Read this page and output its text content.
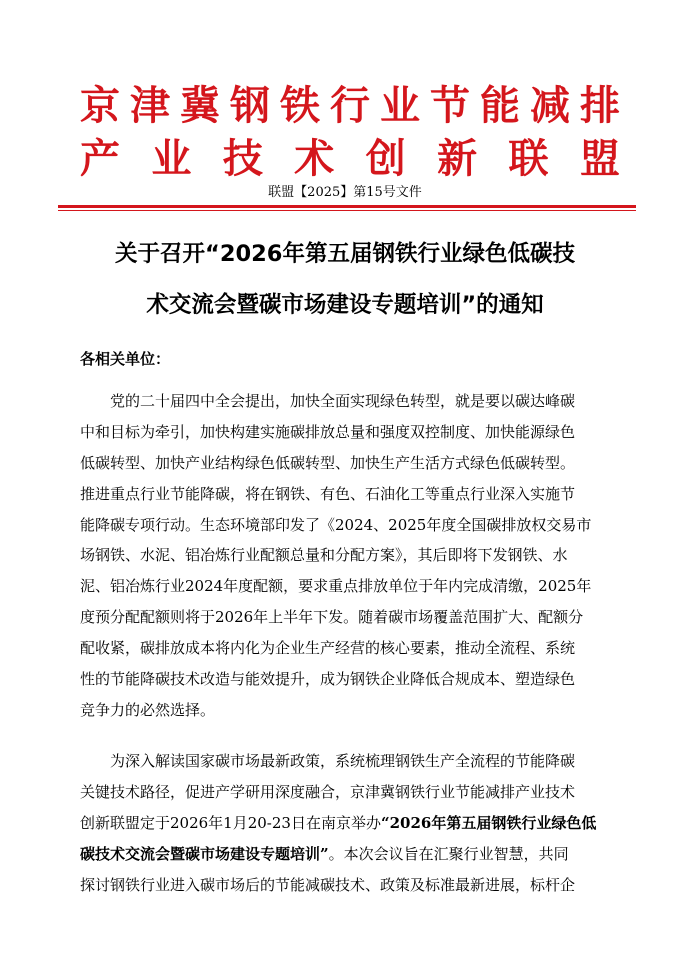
京 津 冀 钢 铁 行 业 节 能 减 排
产 业 技 术 创 新 联 盟
联盟【2025】第15号文件
关于召开“2026年第五届钢铁行业绿色低碳技
术交流会暨碳市场建设专题培训”的通知
各相关单位：
党的二十届四中全会提出，加快全面实现绿色转型，就是要以碳达峰碳
中和目标为牵引，加快构建实施碳排放总量和强度双控制度、加快能源绿色
低碳转型、加快产业结构绿色低碳转型、加快生产生活方式绿色低碳转型。
推进重点行业节能降碳，将在钢铁、有色、石油化工等重点行业深入实施节
能降碳专项行动。生态环境部印发了《2024、2025年度全国碳排放权交易市
场钢铁、水泥、铝冶炼行业配额总量和分配方案》，其后即将下发钢铁、水
泥、铝冶炼行业2024年度配额，要求重点排放单位于年内完成清缴，2025年
度预分配配额则将于2026年上半年下发。随着碳市场覆盖范围扩大、配额分
配收紧，碳排放成本将内化为企业生产经营的核心要素，推动全流程、系统
性的节能降碳技术改造与能效提升，成为钢铁企业降低合规成本、塑造绿色
竞争力的必然选择。
为深入解读国家碳市场最新政策，系统梳理钢铁生产全流程的节能降碳
关键技术路径，促进产学研用深度融合，京津冀钢铁行业节能减排产业技术
创新联盟定于2026年1月20-23日在南京举办“2026年第五届钢铁行业绿色低
碳技术交流会暨碳市场建设专题培训”。本次会议旨在汇聚行业智慧，共同
探讨钢铁行业进入碳市场后的节能减碳技术、政策及标准最新进展，标杆企
